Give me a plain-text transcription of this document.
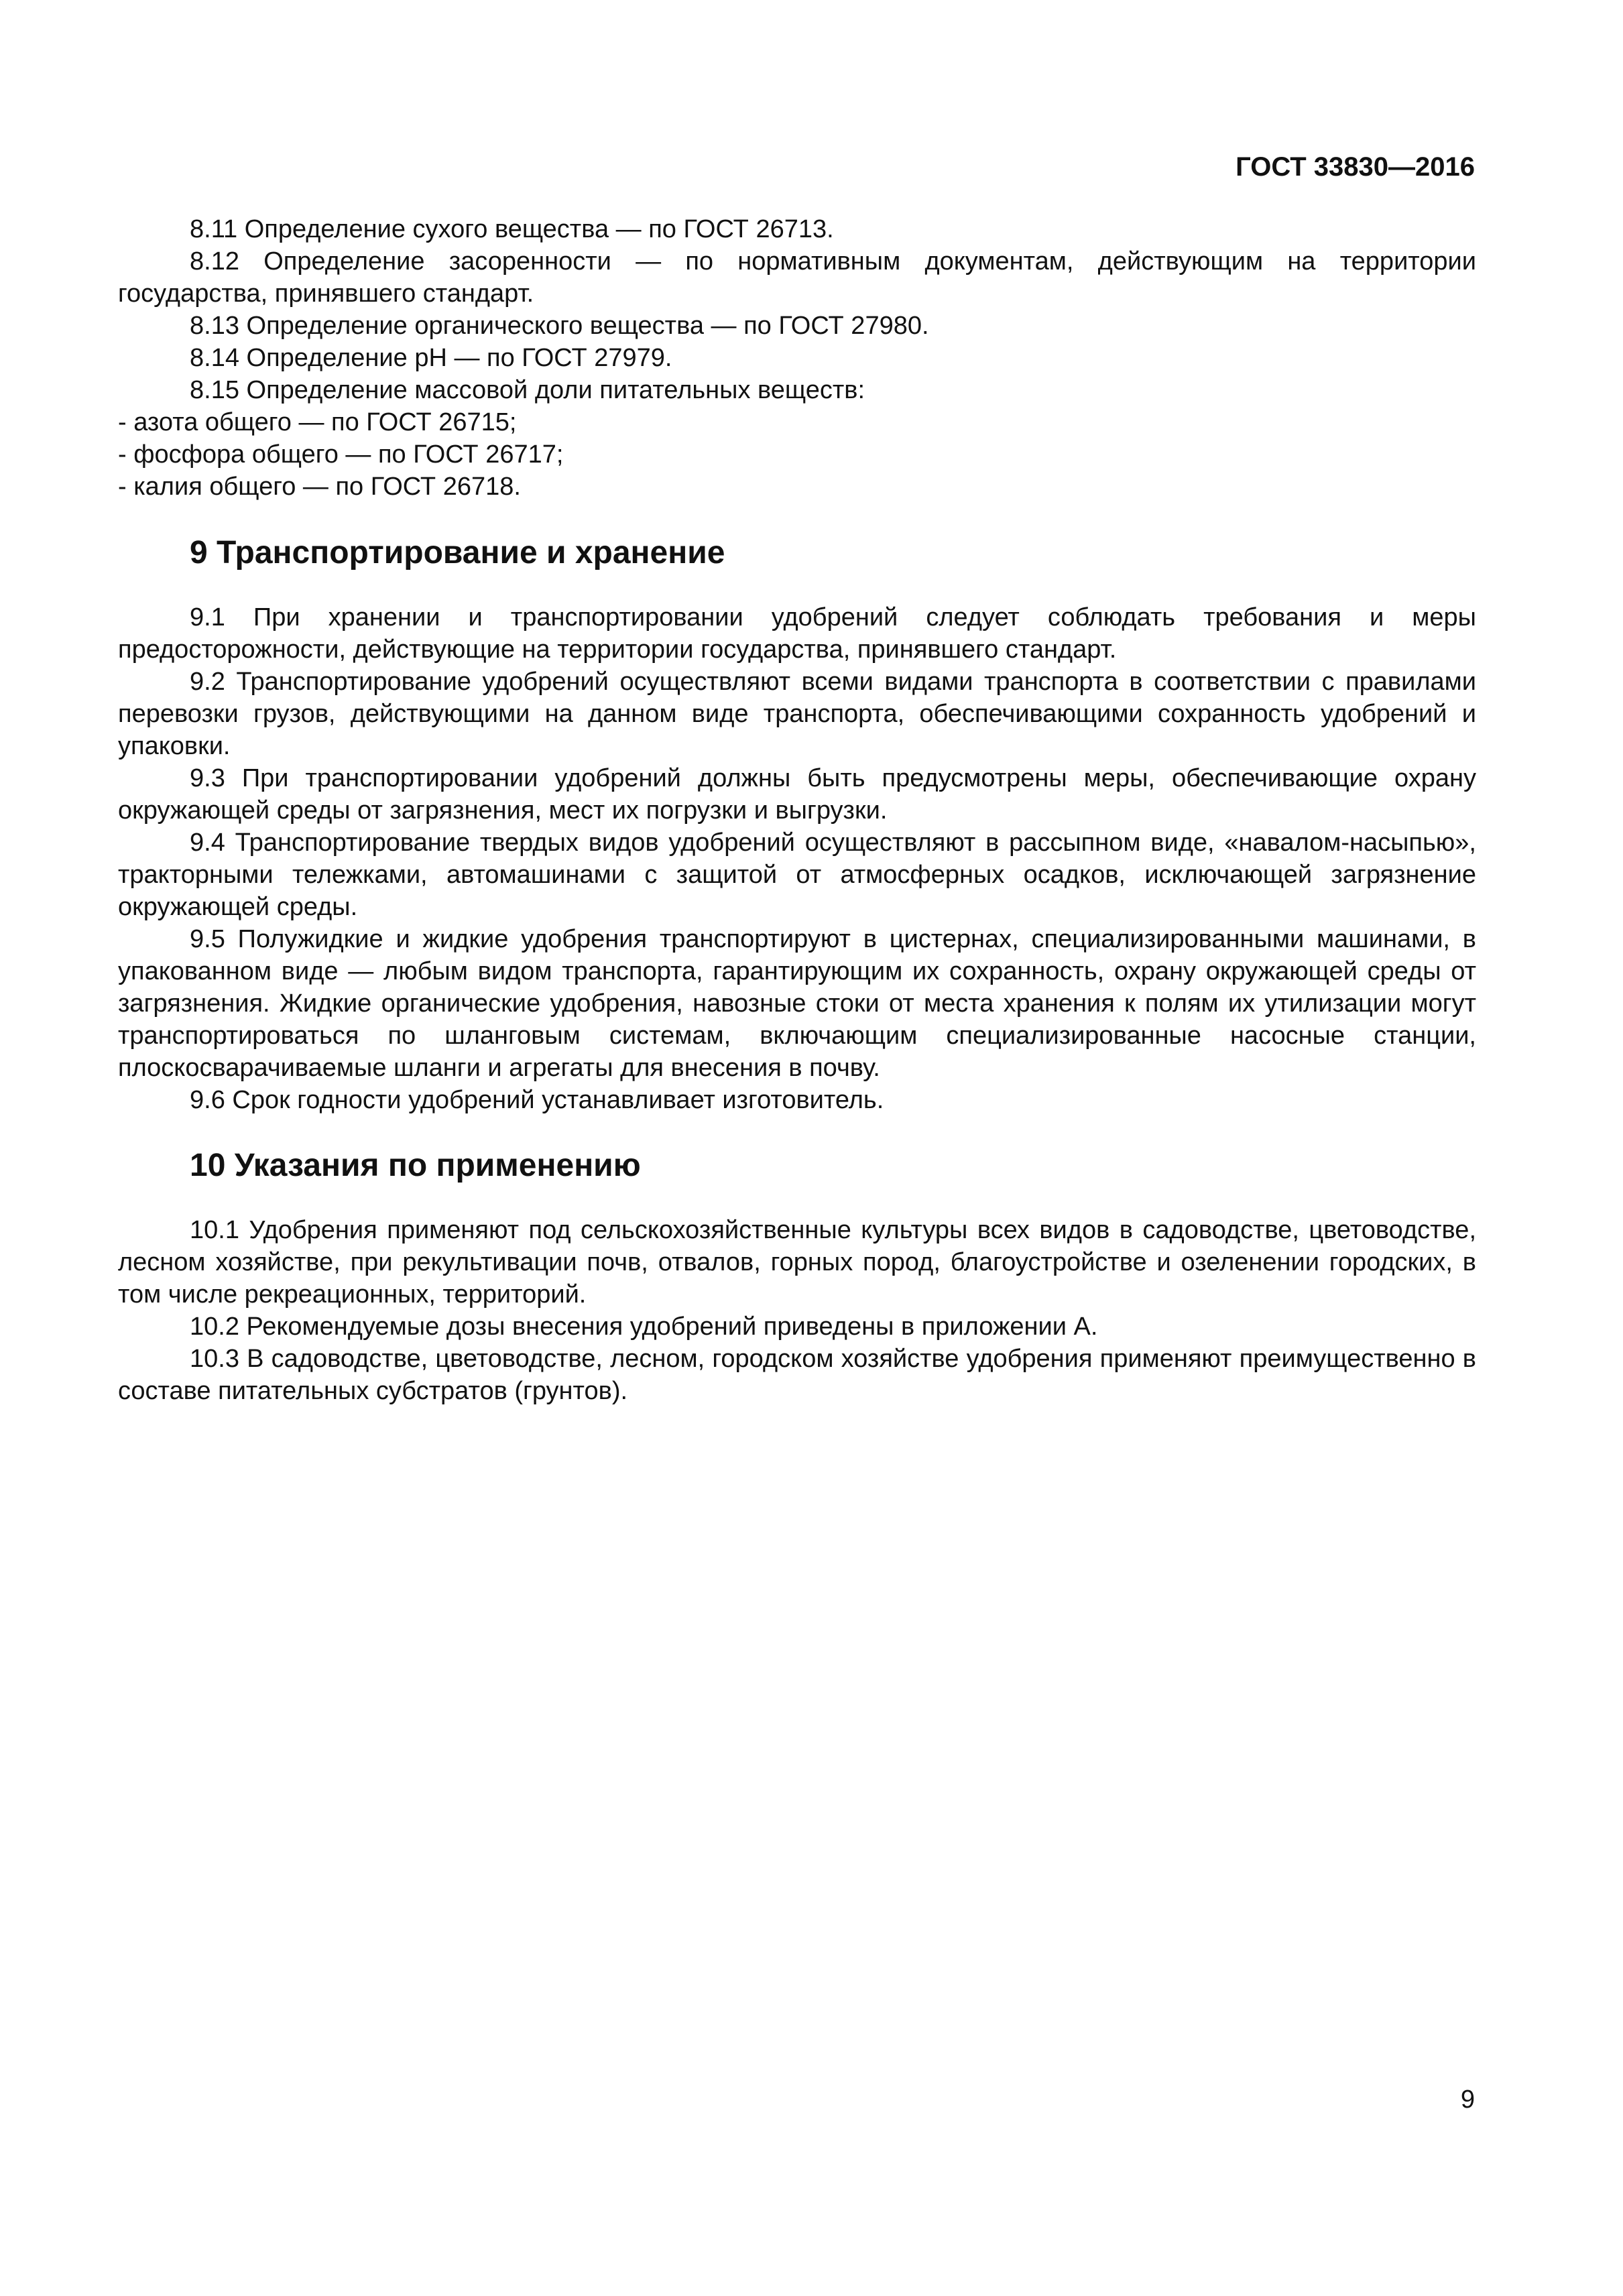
ГОСТ 33830—2016

8.11 Определение сухого вещества — по ГОСТ 26713.

8.12 Определение засоренности — по нормативным документам, действующим на территории государства, принявшего стандарт.

8.13 Определение органического вещества — по ГОСТ 27980.

8.14 Определение рН — по ГОСТ 27979.

8.15 Определение массовой доли питательных веществ:

- азота общего — по ГОСТ 26715;

- фосфора общего — по ГОСТ 26717;

- калия общего — по ГОСТ 26718.

9 Транспортирование и хранение

9.1 При хранении и транспортировании удобрений следует соблюдать требования и меры предосторожности, действующие на территории государства, принявшего стандарт.

9.2 Транспортирование удобрений осуществляют всеми видами транспорта в соответствии с правилами перевозки грузов, действующими на данном виде транспорта, обеспечивающими сохранность удобрений и упаковки.

9.3 При транспортировании удобрений должны быть предусмотрены меры, обеспечивающие охрану окружающей среды от загрязнения, мест их погрузки и выгрузки.

9.4 Транспортирование твердых видов удобрений осуществляют в рассыпном виде, «навалом-насыпью», тракторными тележками, автомашинами с защитой от атмосферных осадков, исключающей загрязнение окружающей среды.

9.5 Полужидкие и жидкие удобрения транспортируют в цистернах, специализированными машинами, в упакованном виде — любым видом транспорта, гарантирующим их сохранность, охрану окружающей среды от загрязнения. Жидкие органические удобрения, навозные стоки от места хранения к полям их утилизации могут транспортироваться по шланговым системам, включающим специализированные насосные станции, плоскосварачиваемые шланги и агрегаты для внесения в почву.

9.6 Срок годности удобрений устанавливает изготовитель.

10 Указания по применению

10.1 Удобрения применяют под сельскохозяйственные культуры всех видов в садоводстве, цветоводстве, лесном хозяйстве, при рекультивации почв, отвалов, горных пород, благоустройстве и озеленении городских, в том числе рекреационных, территорий.

10.2 Рекомендуемые дозы внесения удобрений приведены в приложении А.

10.3 В садоводстве, цветоводстве, лесном, городском хозяйстве удобрения применяют преимущественно в составе питательных субстратов (грунтов).

9
